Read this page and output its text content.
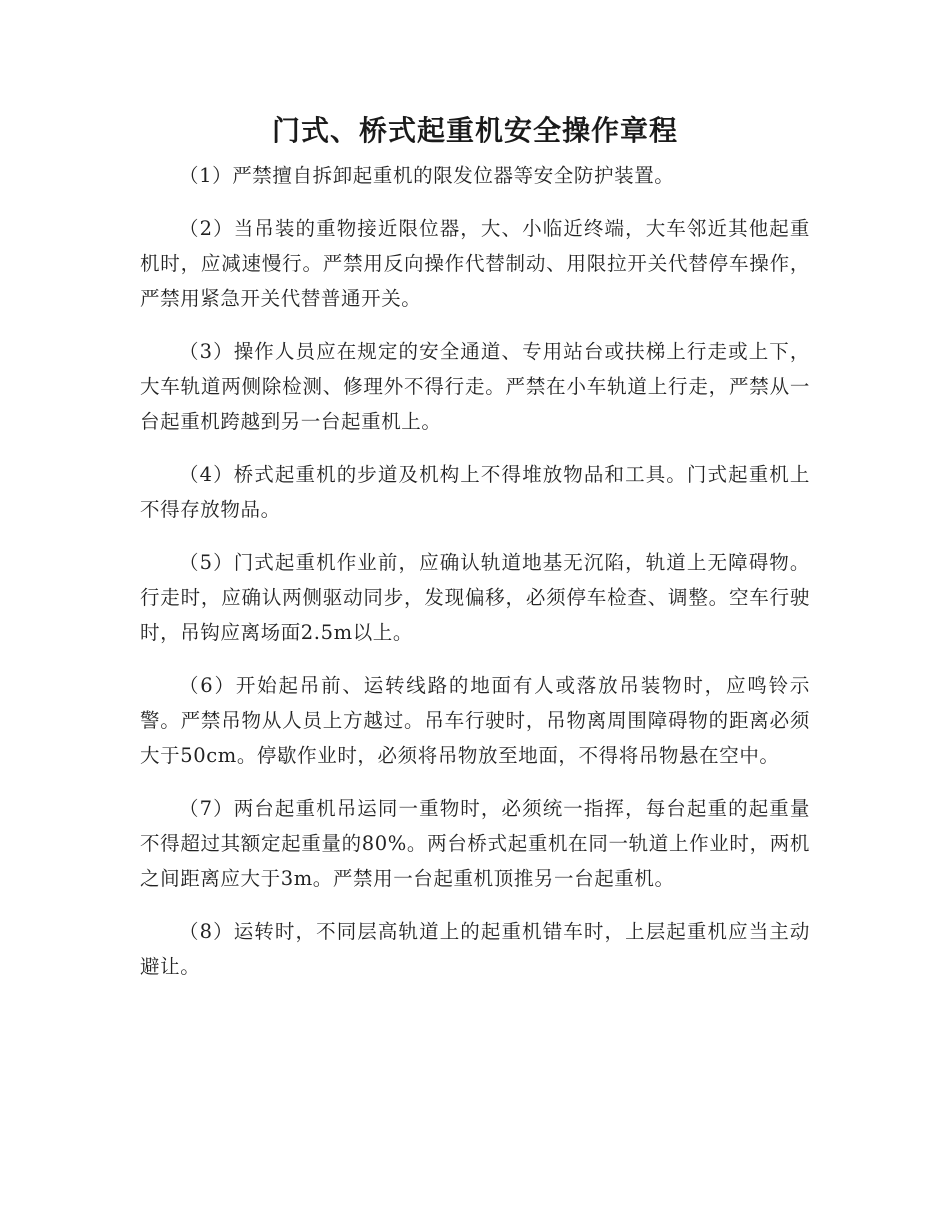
门式、桥式起重机安全操作章程

（1）严禁擅自拆卸起重机的限发位器等安全防护装置。

（2）当吊装的重物接近限位器，大、小临近终端，大车邻近其他起重机时，应减速慢行。严禁用反向操作代替制动、用限拉开关代替停车操作，严禁用紧急开关代替普通开关。

（3）操作人员应在规定的安全通道、专用站台或扶梯上行走或上下，大车轨道两侧除检测、修理外不得行走。严禁在小车轨道上行走，严禁从一台起重机跨越到另一台起重机上。

（4）桥式起重机的步道及机构上不得堆放物品和工具。门式起重机上不得存放物品。

（5）门式起重机作业前，应确认轨道地基无沉陷，轨道上无障碍物。行走时，应确认两侧驱动同步，发现偏移，必须停车检查、调整。空车行驶时，吊钩应离场面2.5m以上。

（6）开始起吊前、运转线路的地面有人或落放吊装物时，应鸣铃示警。严禁吊物从人员上方越过。吊车行驶时，吊物离周围障碍物的距离必须大于50cm。停歇作业时，必须将吊物放至地面，不得将吊物悬在空中。

（7）两台起重机吊运同一重物时，必须统一指挥，每台起重的起重量不得超过其额定起重量的80%。两台桥式起重机在同一轨道上作业时，两机之间距离应大于3m。严禁用一台起重机顶推另一台起重机。

（8）运转时，不同层高轨道上的起重机错车时，上层起重机应当主动避让。
